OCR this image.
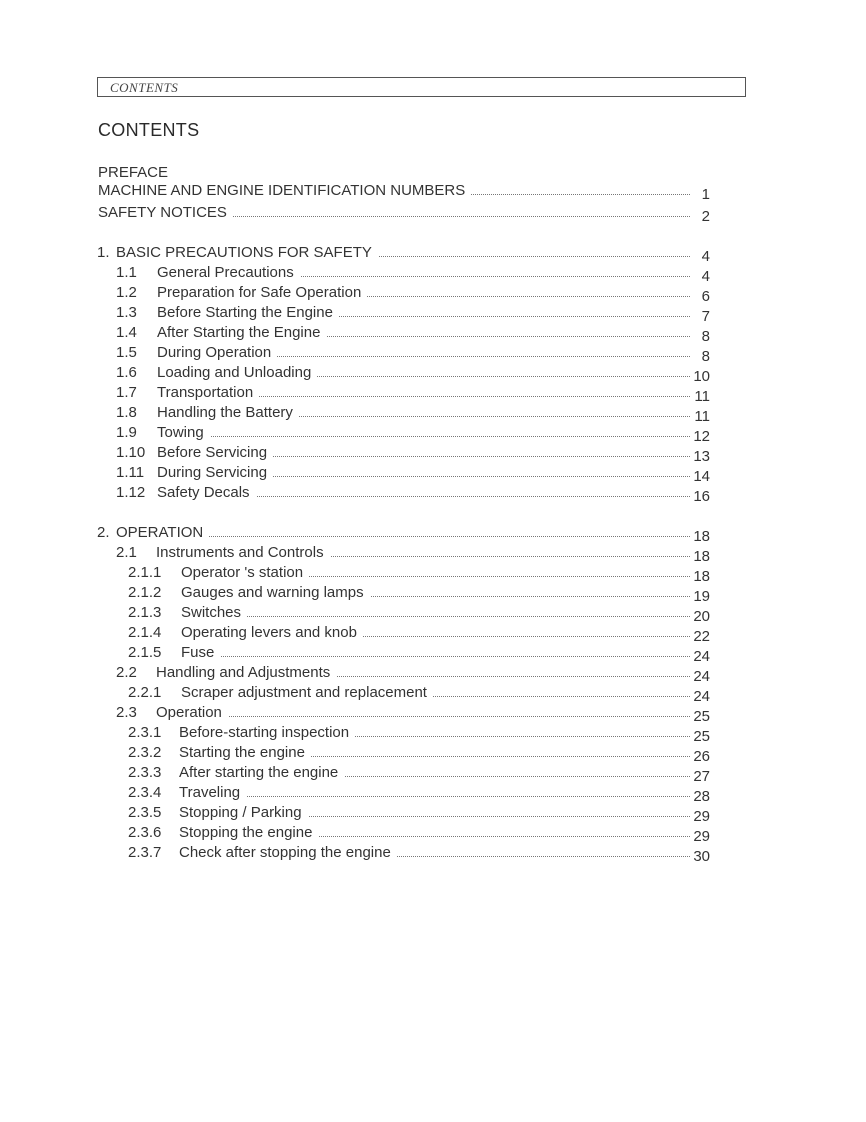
CONTENTS
CONTENTS
PREFACE
MACHINE AND ENGINE IDENTIFICATION NUMBERS	1
SAFETY NOTICES	2
1. BASIC PRECAUTIONS FOR SAFETY	4
1.1 General Precautions	4
1.2 Preparation for Safe Operation	6
1.3 Before Starting the Engine	7
1.4 After Starting the Engine	8
1.5 During Operation	8
1.6 Loading and Unloading	10
1.7 Transportation	11
1.8 Handling the Battery	11
1.9 Towing	12
1.10 Before Servicing	13
1.11 During Servicing	14
1.12 Safety Decals	16
2. OPERATION	18
2.1 Instruments and Controls	18
2.1.1 Operator 's station	18
2.1.2 Gauges and warning lamps	19
2.1.3 Switches	20
2.1.4 Operating levers and knob	22
2.1.5 Fuse	24
2.2 Handling and Adjustments	24
2.2.1 Scraper adjustment and replacement	24
2.3 Operation	25
2.3.1 Before-starting inspection	25
2.3.2 Starting the engine	26
2.3.3 After starting the engine	27
2.3.4 Traveling	28
2.3.5 Stopping / Parking	29
2.3.6 Stopping the engine	29
2.3.7 Check after stopping the engine	30
